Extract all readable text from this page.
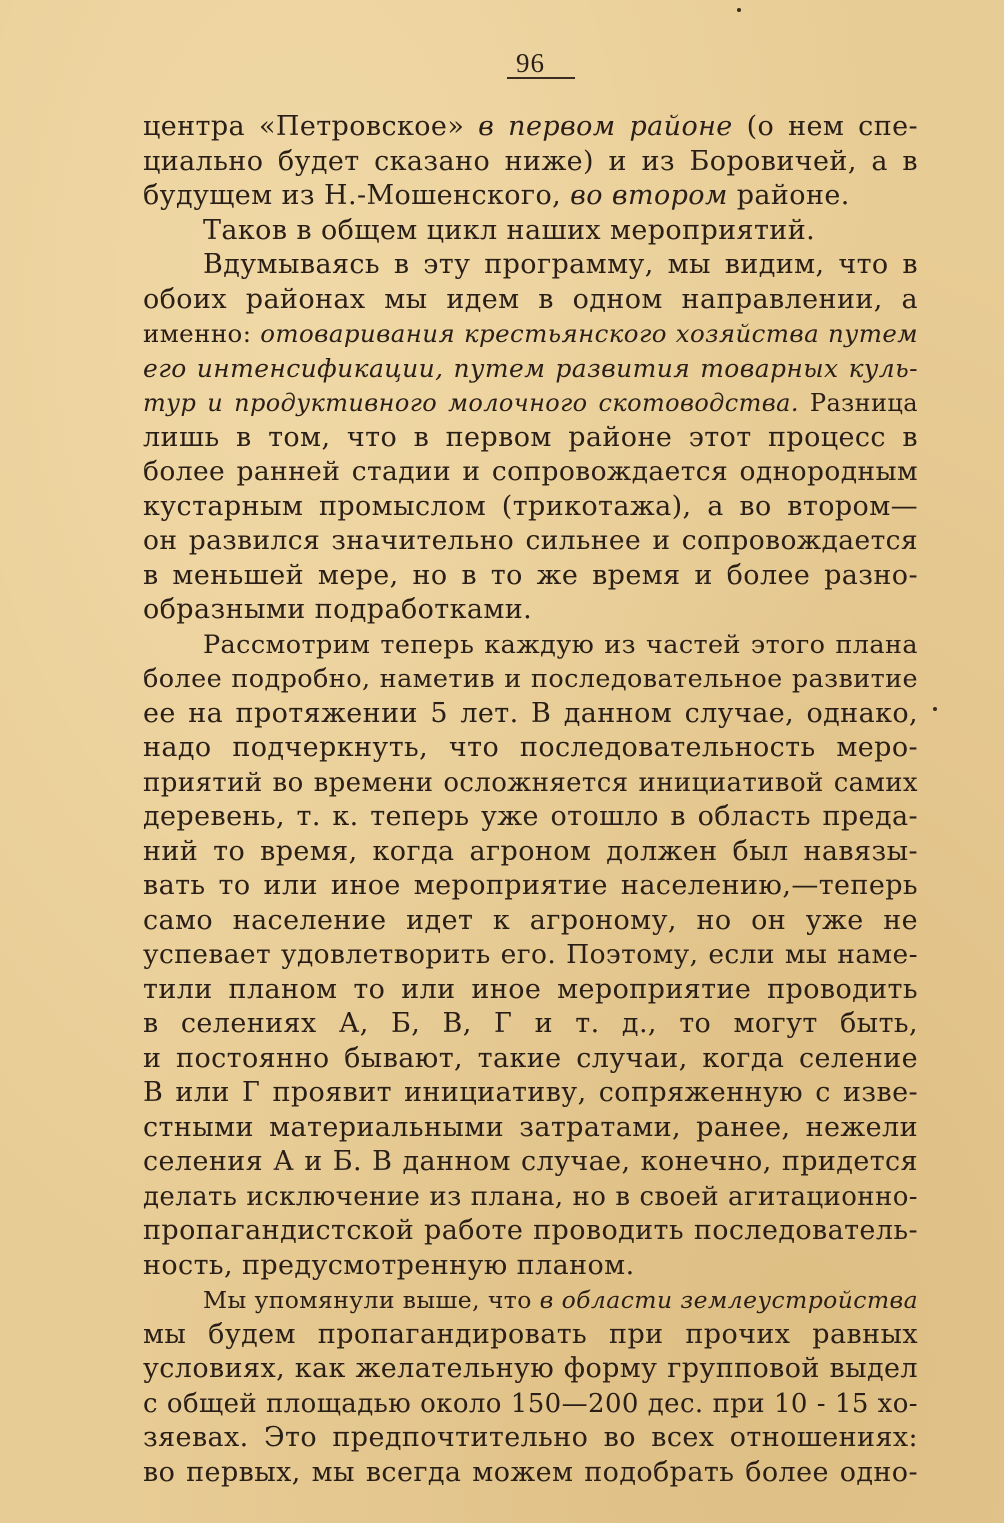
96
центра «Петровское» в первом районе (о нем спе-
циально будет сказано ниже) и из Боровичей, а в
будущем из Н.-Мошенского, во втором районе.
Таков в общем цикл наших мероприятий.
Вдумываясь в эту программу, мы видим, что в
обоих районах мы идем в одном направлении, а
именно: отоваривания крестьянского хозяйства путем
его интенсификации, путем развития товарных куль-
тур и продуктивного молочного скотоводства. Разница
лишь в том, что в первом районе этот процесс в
более ранней стадии и сопровождается однородным
кустарным промыслом (трикотажа), а во втором—
он развился значительно сильнее и сопровождается
в меньшей мере, но в то же время и более разно-
образными подработками.
Рассмотрим теперь каждую из частей этого плана
более подробно, наметив и последовательное развитие
ее на протяжении 5 лет. В данном случае, однако,
надо подчеркнуть, что последовательность меро-
приятий во времени осложняется инициативой самих
деревень, т. к. теперь уже отошло в область преда-
ний то время, когда агроном должен был навязы-
вать то или иное мероприятие населению,—теперь
само население идет к агроному, но он уже не
успевает удовлетворить его. Поэтому, если мы наме-
тили планом то или иное мероприятие проводить
в селениях А, Б, В, Г и т. д., то могут быть,
и постоянно бывают, такие случаи, когда селение
В или Г проявит инициативу, сопряженную с изве-
стными материальными затратами, ранее, нежели
селения А и Б. В данном случае, конечно, придется
делать исключение из плана, но в своей агитационно-
пропагандистской работе проводить последователь-
ность, предусмотренную планом.
Мы упомянули выше, что в области землеустройства
мы будем пропагандировать при прочих равных
условиях, как желательную форму групповой выдел
с общей площадью около 150—200 дес. при 10 - 15 хо-
зяевах. Это предпочтительно во всех отношениях:
во первых, мы всегда можем подобрать более одно-
